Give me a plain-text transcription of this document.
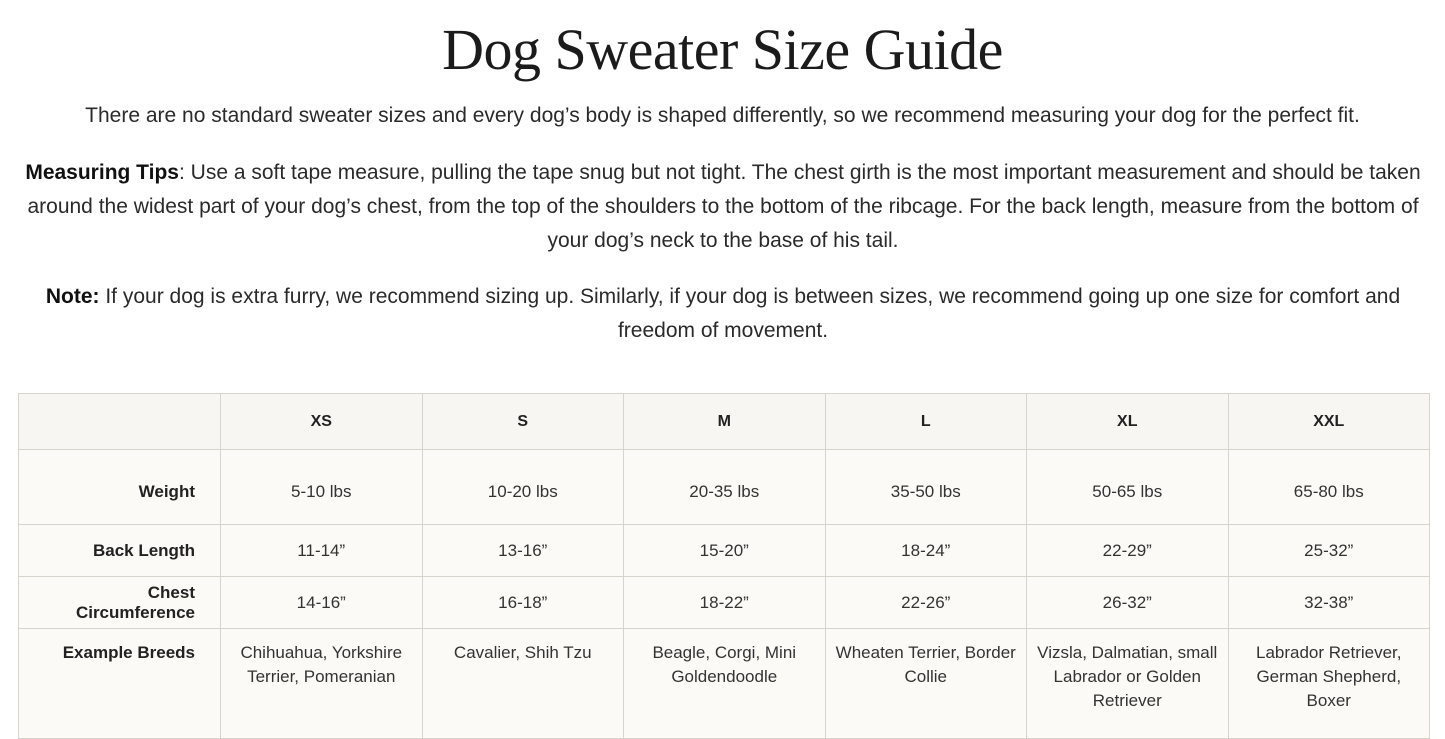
Dog Sweater Size Guide
There are no standard sweater sizes and every dog’s body is shaped differently, so we recommend measuring your dog for the perfect fit.
Measuring Tips: Use a soft tape measure, pulling the tape snug but not tight. The chest girth is the most important measurement and should be taken around the widest part of your dog’s chest, from the top of the shoulders to the bottom of the ribcage. For the back length, measure from the bottom of your dog’s neck to the base of his tail.
Note: If your dog is extra furry, we recommend sizing up. Similarly, if your dog is between sizes, we recommend going up one size for comfort and freedom of movement.
	XS	S	M	L	XL	XXL
Weight	5-10 lbs	10-20 lbs	20-35 lbs	35-50 lbs	50-65 lbs	65-80 lbs
Back Length	11-14”	13-16”	15-20”	18-24”	22-29”	25-32”
Chest Circumference	14-16”	16-18”	18-22”	22-26”	26-32”	32-38”
Example Breeds	Chihuahua, Yorkshire Terrier, Pomeranian	Cavalier, Shih Tzu	Beagle, Corgi, Mini Goldendoodle	Wheaten Terrier, Border Collie	Vizsla, Dalmatian, small Labrador or Golden Retriever	Labrador Retriever, German Shepherd, Boxer
